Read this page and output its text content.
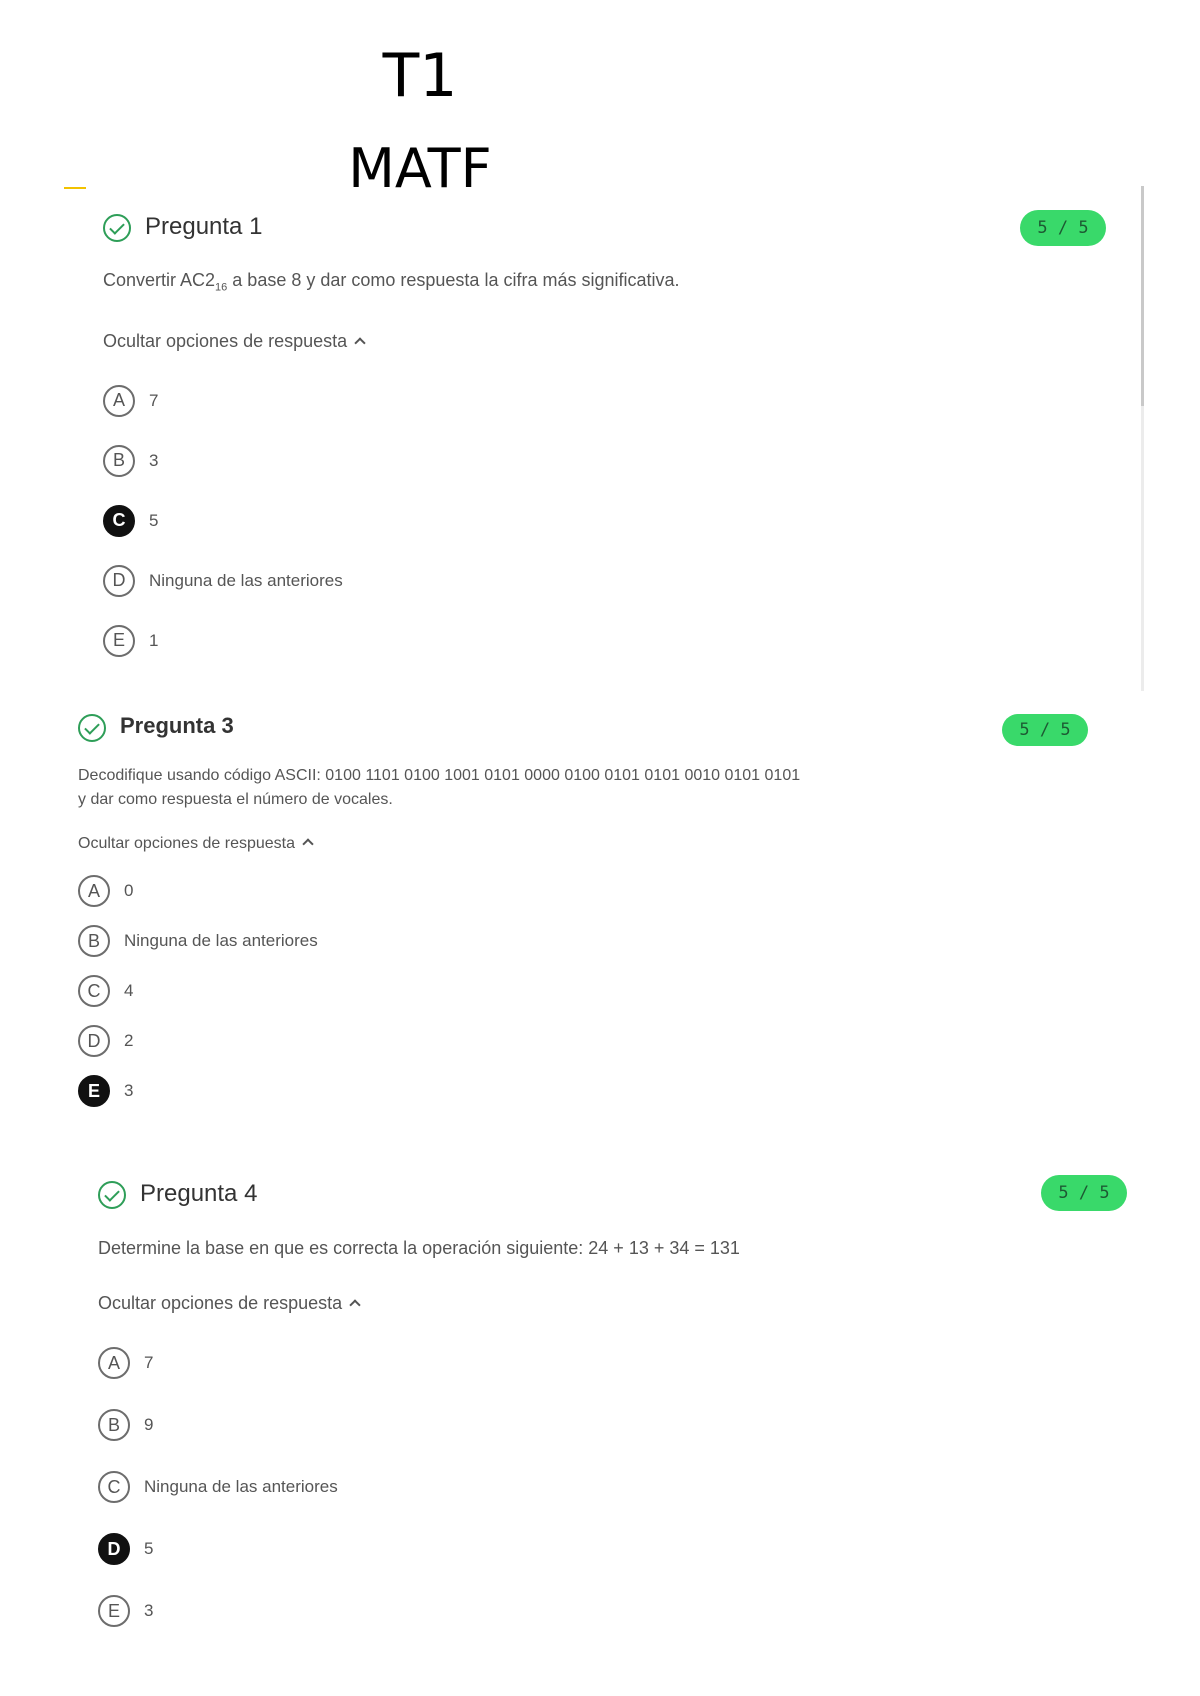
T1
MATF
Pregunta 1	5 / 5
Convertir $AC2_{16}$ a base 8 y dar como respuesta la cifra más significativa.
Ocultar opciones de respuesta
A	7
B	3
C	5
D	Ninguna de las anteriores
E	1
Pregunta 3	5 / 5
Decodifique usando código ASCII: 0100 1101 0100 1001 0101 0000 0100 0101 0101 0010 0101 0101
y dar como respuesta el número de vocales.
Ocultar opciones de respuesta
A	0
B	Ninguna de las anteriores
C	4
D	2
E	3
Pregunta 4	5 / 5
Determine la base en que es correcta la operación siguiente: 24 + 13 + 34 = 131
Ocultar opciones de respuesta
A	7
B	9
C	Ninguna de las anteriores
D	5
E	3
